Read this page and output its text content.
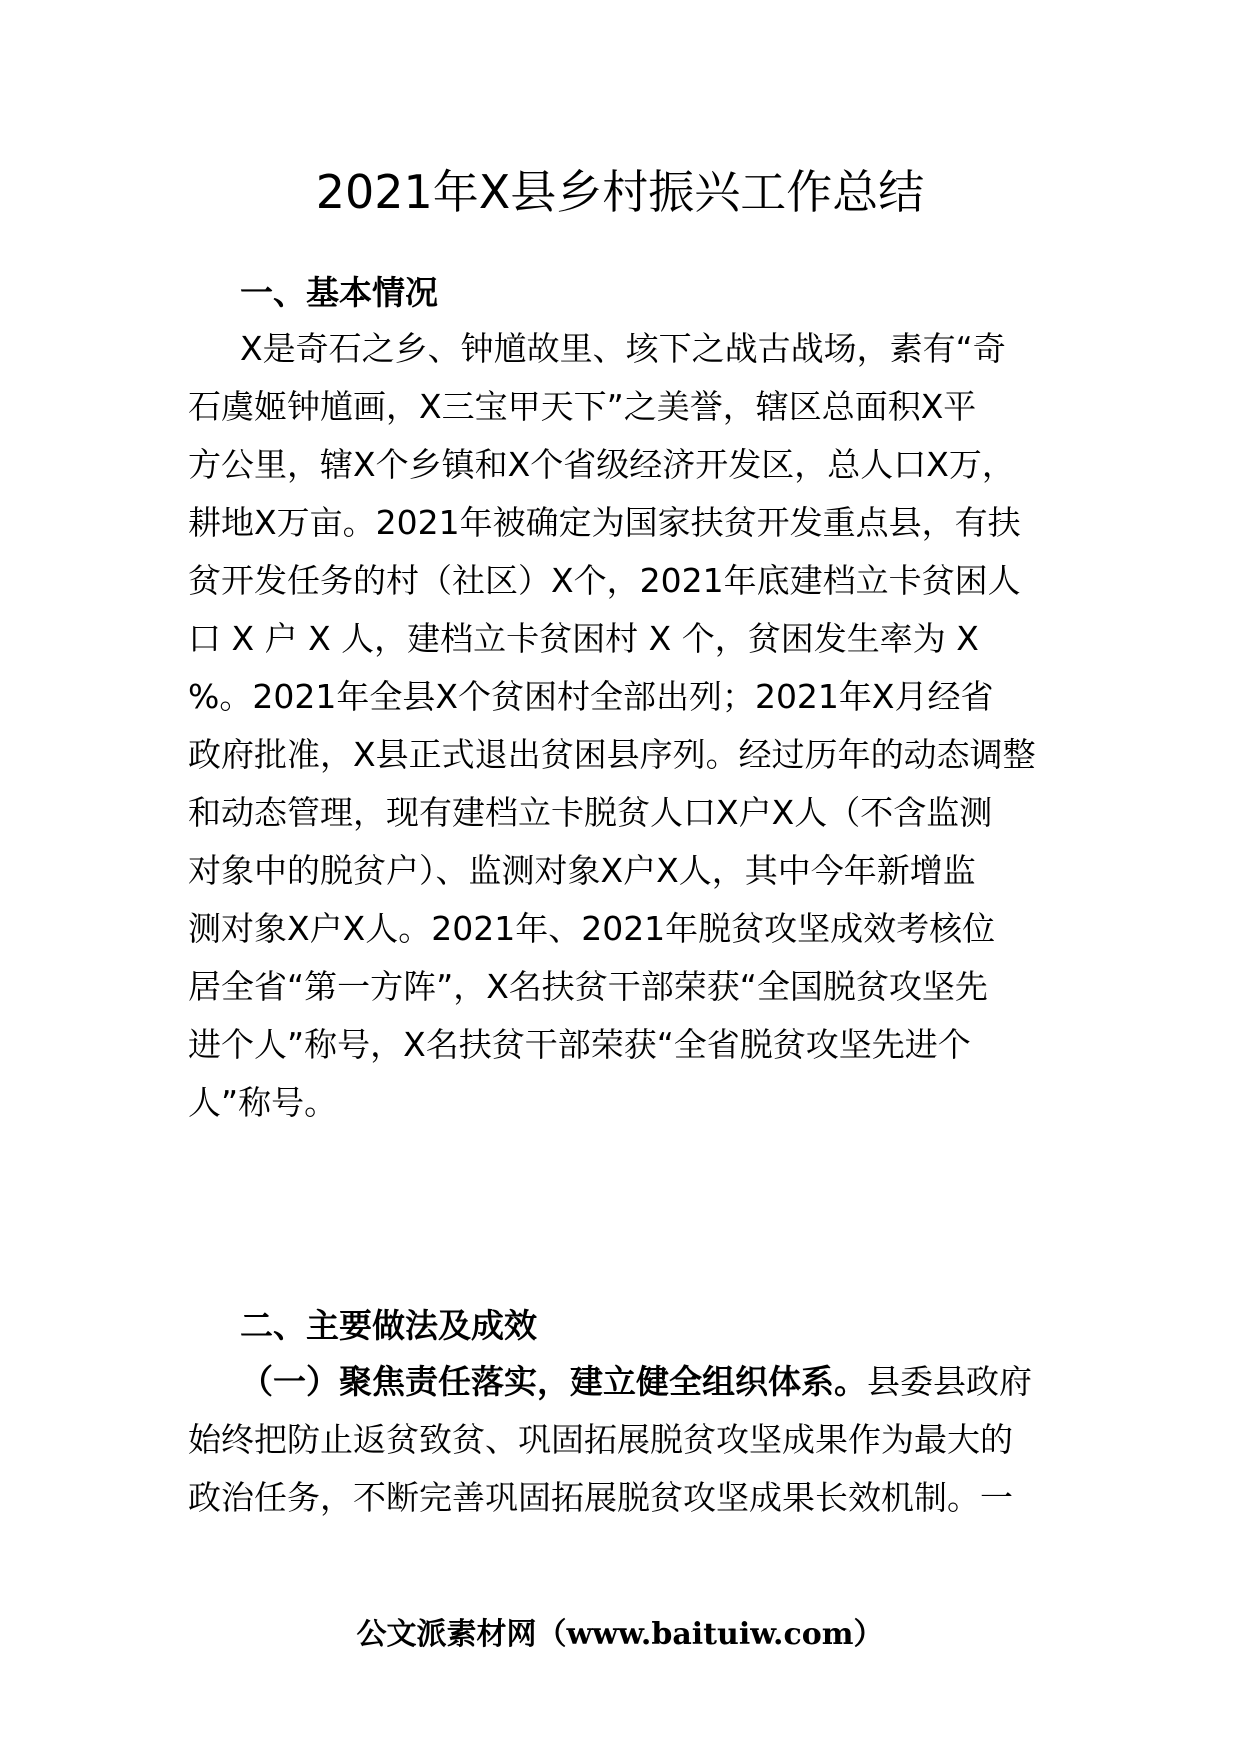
2021年X县乡村振兴工作总结
一、基本情况
X是奇石之乡、钟馗故里、垓下之战古战场，素有“奇
石虞姬钟馗画，X三宝甲天下”之美誉，辖区总面积X平
方公里，辖X个乡镇和X个省级经济开发区，总人口X万，
耕地X万亩。2021年被确定为国家扶贫开发重点县，有扶
贫开发任务的村（社区）X个，2021年底建档立卡贫困人
口 X 户 X 人，建档立卡贫困村 X 个，贫困发生率为 X
%。2021年全县X个贫困村全部出列；2021年X月经省
政府批准，X县正式退出贫困县序列。经过历年的动态调整
和动态管理，现有建档立卡脱贫人口X户X人（不含监测
对象中的脱贫户）、监测对象X户X人，其中今年新增监
测对象X户X人。2021年、2021年脱贫攻坚成效考核位
居全省“第一方阵”，X名扶贫干部荣获“全国脱贫攻坚先
进个人”称号，X名扶贫干部荣获“全省脱贫攻坚先进个
人”称号。
二、主要做法及成效
（一）聚焦责任落实，建立健全组织体系。县委县政府
始终把防止返贫致贫、巩固拓展脱贫攻坚成果作为最大的
政治任务，不断完善巩固拓展脱贫攻坚成果长效机制。一

公文派素材网（www.baituiw.com）
